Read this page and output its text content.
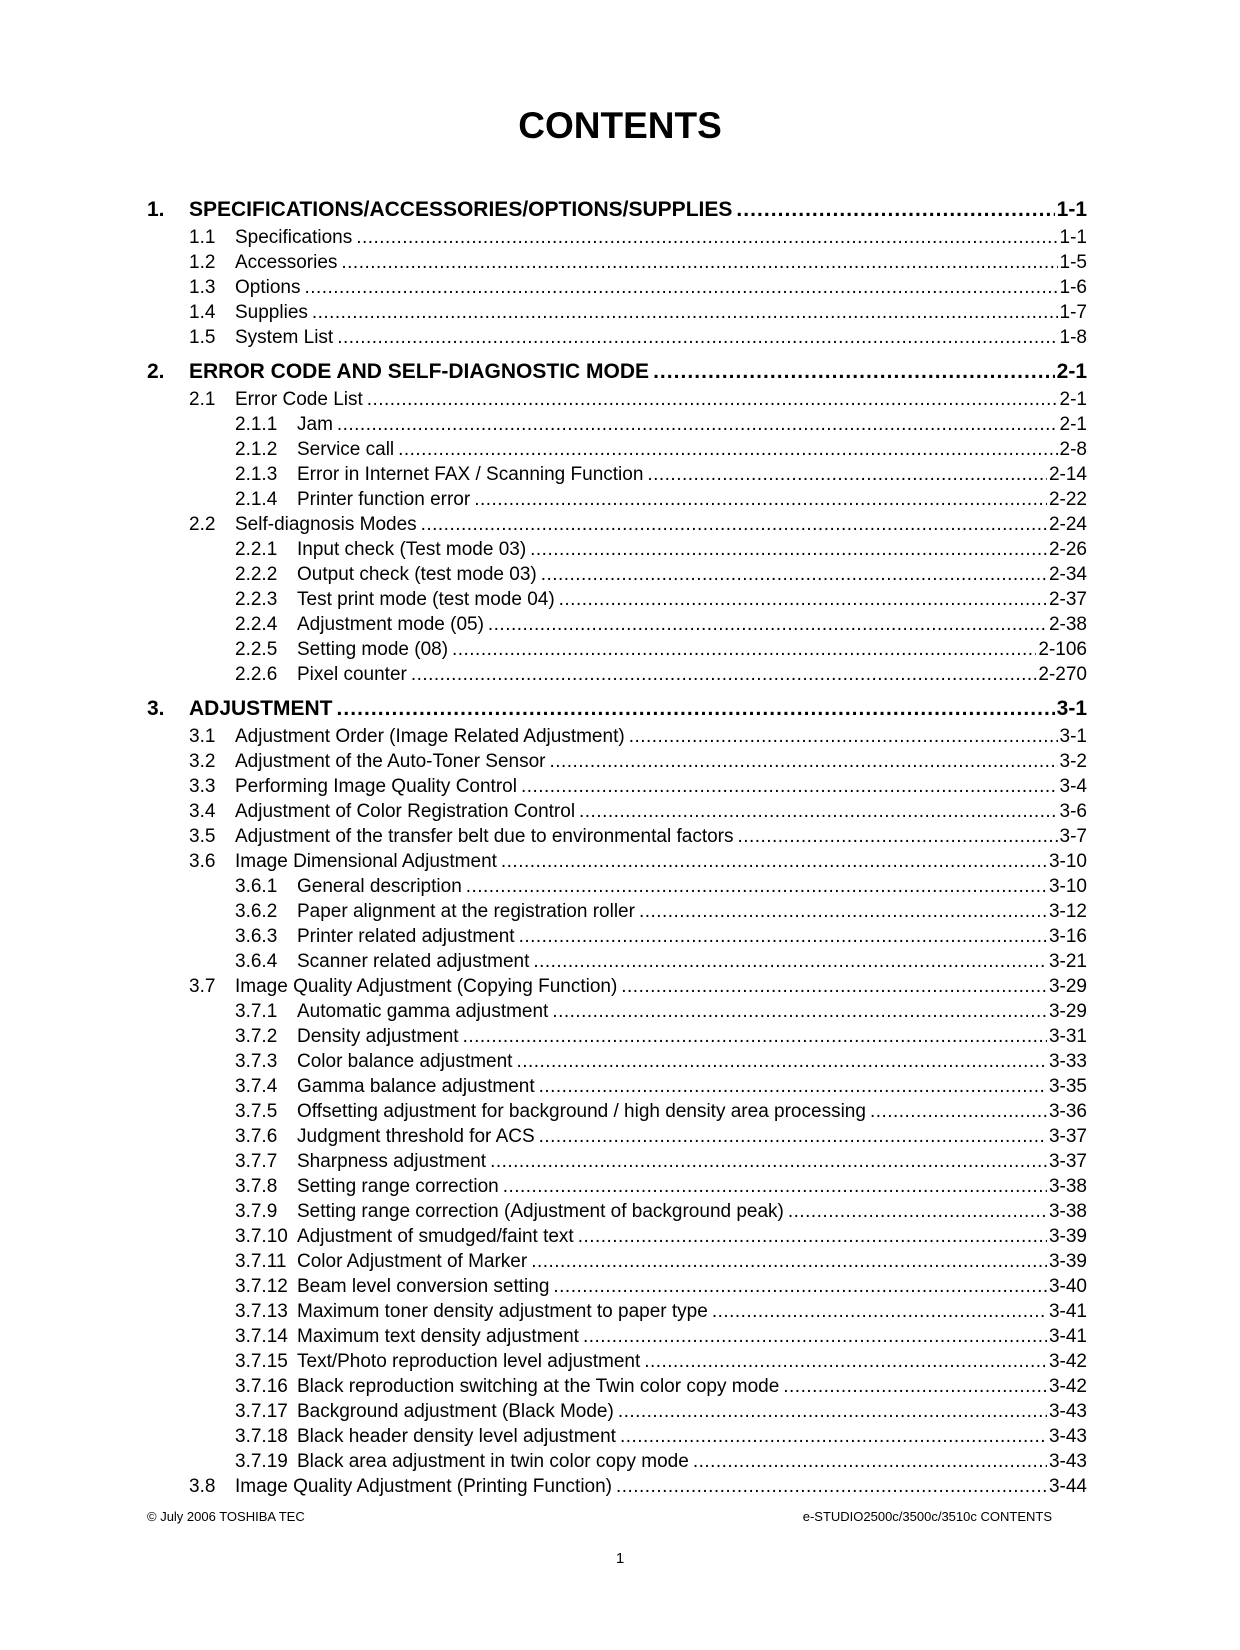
CONTENTS
1.	SPECIFICATIONS/ACCESSORIES/OPTIONS/SUPPLIES . . .	1-1
1.1	Specifications . . .	1-1
1.2	Accessories . . .	1-5
1.3	Options . . .	1-6
1.4	Supplies . . .	1-7
1.5	System List . . .	1-8
2.	ERROR CODE AND SELF-DIAGNOSTIC MODE . . .	2-1
2.1	Error Code List . . .	2-1
2.1.1	Jam . . .	2-1
2.1.2	Service call . . .	2-8
2.1.3	Error in Internet FAX / Scanning Function . . .	2-14
2.1.4	Printer function error . . .	2-22
2.2	Self-diagnosis Modes . . .	2-24
2.2.1	Input check (Test mode 03) . . .	2-26
2.2.2	Output check (test mode 03) . . .	2-34
2.2.3	Test print mode (test mode 04) . . .	2-37
2.2.4	Adjustment mode (05) . . .	2-38
2.2.5	Setting mode (08) . . .	2-106
2.2.6	Pixel counter . . .	2-270
3.	ADJUSTMENT . . .	3-1
3.1	Adjustment Order (Image Related Adjustment) . . .	3-1
3.2	Adjustment of the Auto-Toner Sensor . . .	3-2
3.3	Performing Image Quality Control . . .	3-4
3.4	Adjustment of Color Registration Control . . .	3-6
3.5	Adjustment of the transfer belt due to environmental factors . . .	3-7
3.6	Image Dimensional Adjustment . . .	3-10
3.6.1	General description . . .	3-10
3.6.2	Paper alignment at the registration roller . . .	3-12
3.6.3	Printer related adjustment . . .	3-16
3.6.4	Scanner related adjustment . . .	3-21
3.7	Image Quality Adjustment (Copying Function) . . .	3-29
3.7.1	Automatic gamma adjustment . . .	3-29
3.7.2	Density adjustment . . .	3-31
3.7.3	Color balance adjustment . . .	3-33
3.7.4	Gamma balance adjustment . . .	3-35
3.7.5	Offsetting adjustment for background / high density area processing . . .	3-36
3.7.6	Judgment threshold for ACS . . .	3-37
3.7.7	Sharpness adjustment . . .	3-37
3.7.8	Setting range correction . . .	3-38
3.7.9	Setting range correction (Adjustment of background peak) . . .	3-38
3.7.10 Adjustment of smudged/faint text . . .	3-39
3.7.11 Color Adjustment of Marker . . .	3-39
3.7.12 Beam level conversion setting . . .	3-40
3.7.13 Maximum toner density adjustment to paper type . . .	3-41
3.7.14 Maximum text density adjustment . . .	3-41
3.7.15 Text/Photo reproduction level adjustment . . .	3-42
3.7.16 Black reproduction switching at the Twin color copy mode . . .	3-42
3.7.17 Background adjustment (Black Mode) . . .	3-43
3.7.18 Black header density level adjustment . . .	3-43
3.7.19 Black area adjustment in twin color copy mode . . .	3-43
3.8	Image Quality Adjustment (Printing Function) . . .	3-44

© July 2006 TOSHIBA TEC	e-STUDIO2500c/3500c/3510c CONTENTS

1
